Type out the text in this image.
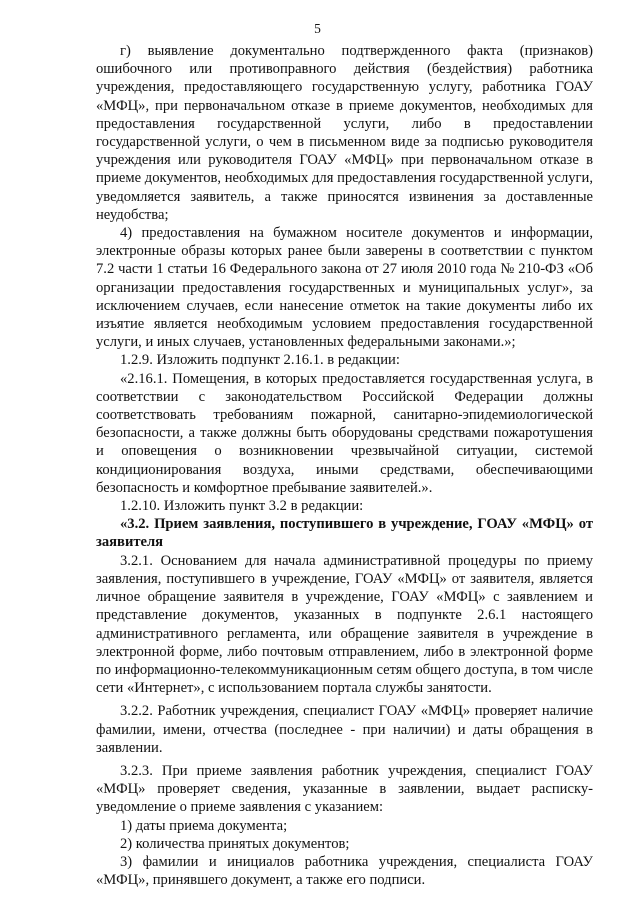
5

г) выявление документально подтвержденного факта (признаков) ошибочного или противоправного действия (бездействия) работника учреждения, предоставляющего государственную услугу, работника ГОАУ «МФЦ», при первоначальном отказе в приеме документов, необходимых для предоставления государственной услуги, либо в предоставлении государственной услуги, о чем в письменном виде за подписью руководителя учреждения или руководителя ГОАУ «МФЦ» при первоначальном отказе в приеме документов, необходимых для предоставления государственной услуги, уведомляется заявитель, а также приносятся извинения за доставленные неудобства;

4) предоставления на бумажном носителе документов и информации, электронные образы которых ранее были заверены в соответствии с пунктом 7.2 части 1 статьи 16 Федерального закона от 27 июля 2010 года № 210-ФЗ «Об организации предоставления государственных и муниципальных услуг», за исключением случаев, если нанесение отметок на такие документы либо их изъятие является необходимым условием предоставления государственной услуги, и иных случаев, установленных федеральными законами.»;

1.2.9. Изложить подпункт 2.16.1. в редакции:

«2.16.1. Помещения, в которых предоставляется государственная услуга, в соответствии с законодательством Российской Федерации должны соответствовать требованиям пожарной, санитарно-эпидемиологической безопасности, а также должны быть оборудованы средствами пожаротушения и оповещения о возникновении чрезвычайной ситуации, системой кондиционирования воздуха, иными средствами, обеспечивающими безопасность и комфортное пребывание заявителей.».

1.2.10. Изложить пункт 3.2 в редакции:

«3.2. Прием заявления, поступившего в учреждение, ГОАУ «МФЦ» от заявителя

3.2.1. Основанием для начала административной процедуры по приему заявления, поступившего в учреждение, ГОАУ «МФЦ» от заявителя, является личное обращение заявителя в учреждение, ГОАУ «МФЦ» с заявлением и представление документов, указанных в подпункте 2.6.1 настоящего административного регламента, или обращение заявителя в учреждение в электронной форме, либо почтовым отправлением, либо в электронной форме по информационно-телекоммуникационным сетям общего доступа, в том числе сети «Интернет», с использованием портала службы занятости.

3.2.2. Работник учреждения, специалист ГОАУ «МФЦ» проверяет наличие фамилии, имени, отчества (последнее - при наличии) и даты обращения в заявлении.

3.2.3. При приеме заявления работник учреждения, специалист ГОАУ «МФЦ» проверяет сведения, указанные в заявлении, выдает расписку-уведомление о приеме заявления с указанием:

1) даты приема документа;

2) количества принятых документов;

3) фамилии и инициалов работника учреждения, специалиста ГОАУ «МФЦ», принявшего документ, а также его подписи.
